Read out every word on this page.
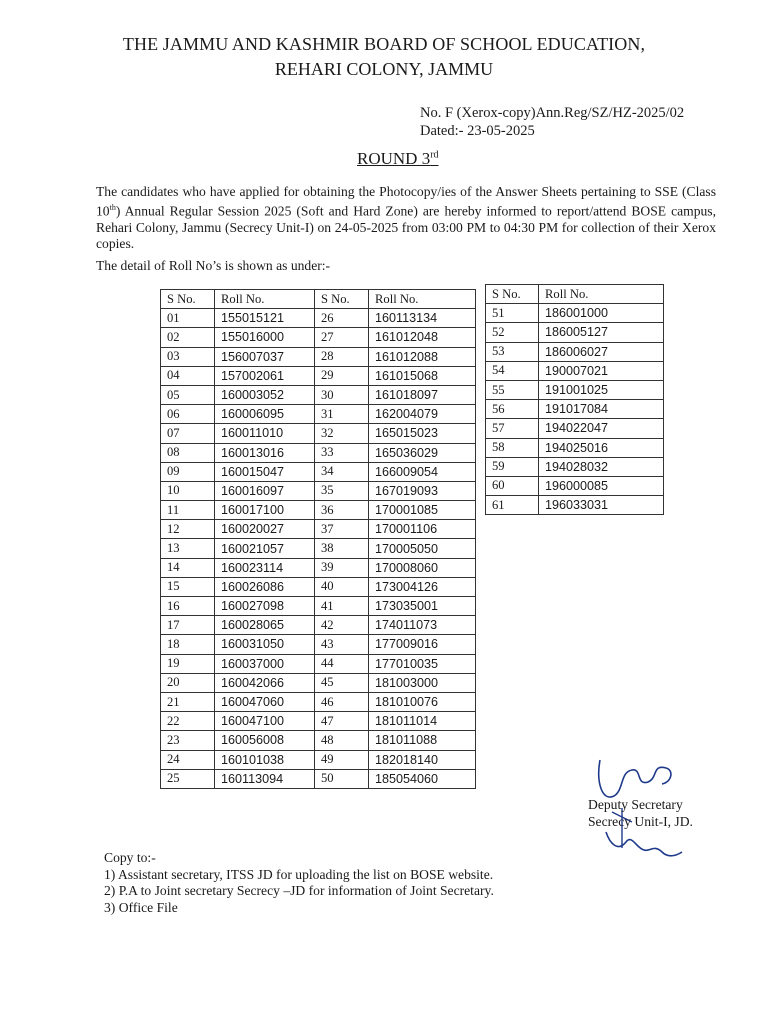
THE JAMMU AND KASHMIR BOARD OF SCHOOL EDUCATION,
REHARI COLONY, JAMMU
No. F (Xerox-copy)Ann.Reg/SZ/HZ-2025/02
Dated:- 23-05-2025
ROUND 3rd
The candidates who have applied for obtaining the Photocopy/ies of the Answer Sheets pertaining to SSE (Class 10th) Annual Regular Session 2025 (Soft and Hard Zone) are hereby informed to report/attend BOSE campus, Rehari Colony, Jammu (Secrecy Unit-I) on 24-05-2025 from 03:00 PM to 04:30 PM for collection of their Xerox copies.
The detail of Roll No’s is shown as under:-
S No.	Roll No.	S No.	Roll No.
01	155015121	26	160113134
02	155016000	27	161012048
03	156007037	28	161012088
04	157002061	29	161015068
05	160003052	30	161018097
06	160006095	31	162004079
07	160011010	32	165015023
08	160013016	33	165036029
09	160015047	34	166009054
10	160016097	35	167019093
11	160017100	36	170001085
12	160020027	37	170001106
13	160021057	38	170005050
14	160023114	39	170008060
15	160026086	40	173004126
16	160027098	41	173035001
17	160028065	42	174011073
18	160031050	43	177009016
19	160037000	44	177010035
20	160042066	45	181003000
21	160047060	46	181010076
22	160047100	47	181011014
23	160056008	48	181011088
24	160101038	49	182018140
25	160113094	50	185054060
S No.	Roll No.
51	186001000
52	186005127
53	186006027
54	190007021
55	191001025
56	191017084
57	194022047
58	194025016
59	194028032
60	196000085
61	196033031
Deputy Secretary
Secrecy Unit-I, JD.
Copy to:-
1) Assistant secretary, ITSS JD for uploading the list on BOSE website.
2) P.A to Joint secretary Secrecy –JD for information of Joint Secretary.
3) Office File
